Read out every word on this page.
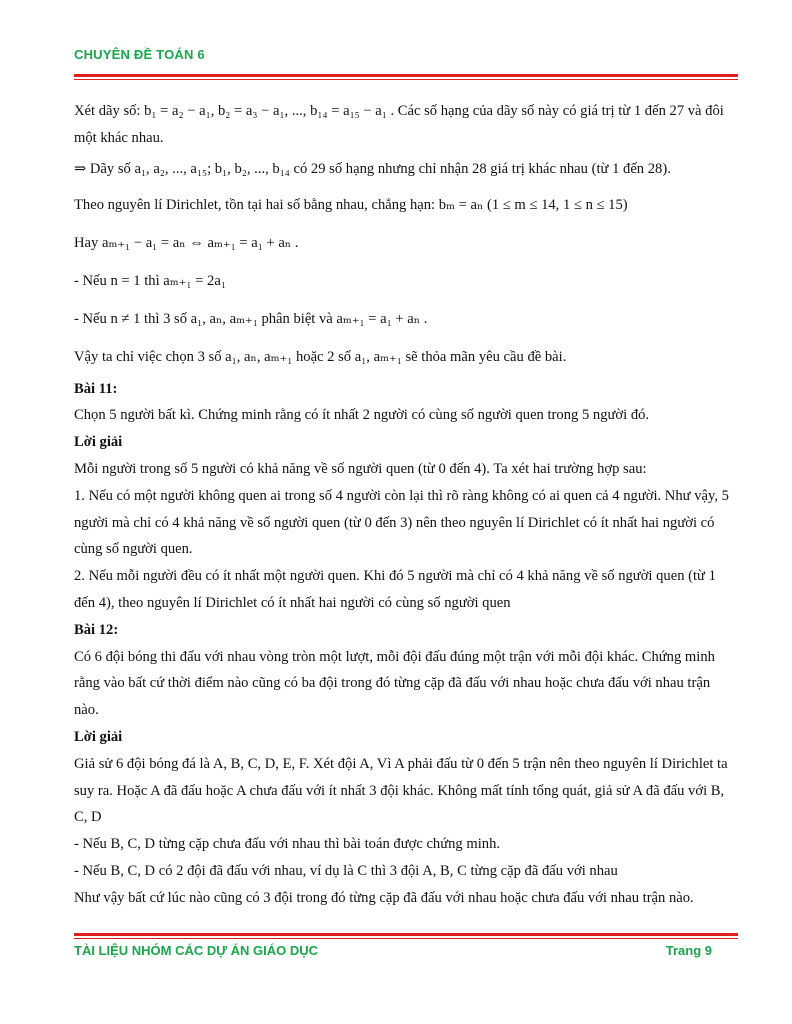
CHUYÊN ĐỀ TOÁN 6

Xét dãy số: b₁ = a₂ − a₁, b₂ = a₃ − a₁, ..., b₁₄ = a₁₅ − a₁ . Các số hạng của dãy số này có giá trị từ 1 đến 27 và đôi một khác nhau.

⇒ Dãy số a₁, a₂, ..., a₁₅; b₁, b₂, ..., b₁₄ có 29 số hạng nhưng chỉ nhận 28 giá trị khác nhau (từ 1 đến 28).

Theo nguyên lí Dirichlet, tồn tại hai số bằng nhau, chẳng hạn: bₘ = aₙ (1 ≤ m ≤ 14, 1 ≤ n ≤ 15)

Hay aₘ₊₁ − a₁ = aₙ ⇔ aₘ₊₁ = a₁ + aₙ .

- Nếu n = 1 thì aₘ₊₁ = 2a₁

- Nếu n ≠ 1 thì 3 số a₁, aₙ, aₘ₊₁ phân biệt và aₘ₊₁ = a₁ + aₙ .

Vậy ta chỉ việc chọn 3 số a₁, aₙ, aₘ₊₁ hoặc 2 số a₁, aₘ₊₁ sẽ thỏa mãn yêu cầu đề bài.

Bài 11:

Chọn 5 người bất kì. Chứng minh rằng có ít nhất 2 người có cùng số người quen trong 5 người đó.

Lời giải

Mỗi người trong số 5 người có khả năng về số người quen (từ 0 đến 4). Ta xét hai trường hợp sau:

1. Nếu có một người không quen ai trong số 4 người còn lại thì rõ ràng không có ai quen cả 4 người. Như vậy, 5 người mà chỉ có 4 khả năng về số người quen (từ 0 đến 3) nên theo nguyên lí Dirichlet có ít nhất hai người có cùng số người quen.

2. Nếu mỗi người đều có ít nhất một người quen. Khi đó 5 người mà chỉ có 4 khả năng về số người quen (từ 1 đến 4), theo nguyên lí Dirichlet có ít nhất hai người có cùng số người quen

Bài 12:

Có 6 đội bóng thi đấu với nhau vòng tròn một lượt, mỗi đội đấu đúng một trận với mỗi đội khác. Chứng minh rằng vào bất cứ thời điểm nào cũng có ba đội trong đó từng cặp đã đấu với nhau hoặc chưa đấu với nhau trận nào.

Lời giải

Giả sử 6 đội bóng đá là A, B, C, D, E, F. Xét đội A, Vì A phải đấu từ 0 đến 5 trận nên theo nguyên lí Dirichlet ta suy ra. Hoặc A đã đấu hoặc A chưa đấu với ít nhất 3 đội khác. Không mất tính tổng quát, giả sử A đã đấu với B, C, D

- Nếu B, C, D từng cặp chưa đấu với nhau thì bài toán được chứng minh.

- Nếu B, C, D có 2 đội đã đấu với nhau, ví dụ là C thì 3 đội A, B, C từng cặp đã đấu với nhau

Như vậy bất cứ lúc nào cũng có 3 đội trong đó từng cặp đã đấu với nhau hoặc chưa đấu với nhau trận nào.

TÀI LIỆU NHÓM CÁC DỰ ÁN GIÁO DỤC	Trang 9
